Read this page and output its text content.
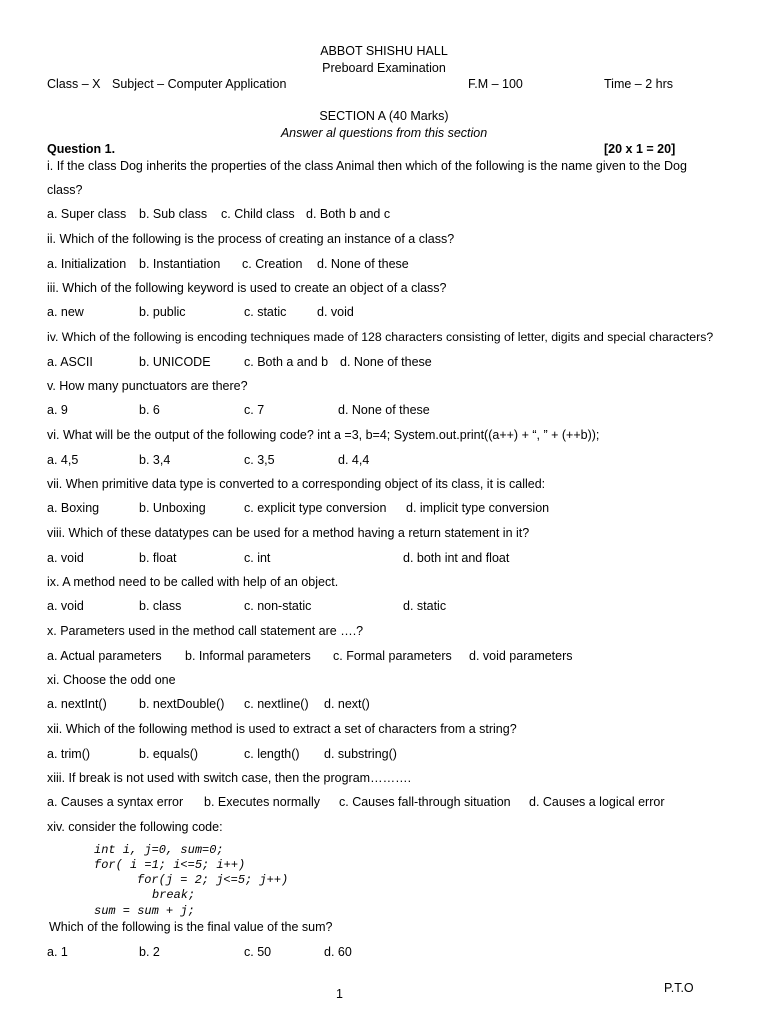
ABBOT SHISHU HALL
Preboard Examination
Class – X Subject – Computer Application	F.M – 100	Time – 2 hrs
SECTION A (40 Marks)
Answer al questions from this section
Question 1.	[20 x 1 = 20]
i. If the class Dog inherits the properties of the class Animal then which of the following is the name given to the Dog
class?
a. Super class b. Sub class c. Child class d. Both b and c
ii. Which of the following is the process of creating an instance of a class?
a. Initialization b. Instantiation c. Creation d. None of these
iii. Which of the following keyword is used to create an object of a class?
a. new	b. public	c. static d. void
iv. Which of the following is encoding techniques made of 128 characters consisting of letter, digits and special characters?
a. ASCII	b. UNICODE	c. Both a and b d. None of these
v. How many punctuators are there?
a. 9	b. 6	c. 7	d. None of these
vi. What will be the output of the following code? int a =3, b=4; System.out.print((a++) + “, ” + (++b));
a. 4,5	b. 3,4	c. 3,5	d. 4,4
vii. When primitive data type is converted to a corresponding object of its class, it is called:
a. Boxing	b. Unboxing	c. explicit type conversion d. implicit type conversion
viii. Which of these datatypes can be used for a method having a return statement in it?
a. void	b. float	c. int	d. both int and float
ix. A method need to be called with help of an object.
a. void	b. class	c. non-static	d. static
x. Parameters used in the method call statement are ….?
a. Actual parameters b. Informal parameters c. Formal parameters d. void parameters
xi. Choose the odd one
a. nextInt()	b. nextDouble() c. nextline() d. next()
xii. Which of the following method is used to extract a set of characters from a string?
a. trim()	b. equals()	c. length() d. substring()
xiii. If break is not used with switch case, then the program……….
a. Causes a syntax error b. Executes normally c. Causes fall-through situation d. Causes a logical error
xiv. consider the following code:
int i, j=0, sum=0;
for( i =1; i<=5; i++)
for(j = 2; j<=5; j++)
break;
sum = sum + j;
Which of the following is the final value of the sum?
a. 1	b. 2	c. 50	d. 60
1	P.T.O
